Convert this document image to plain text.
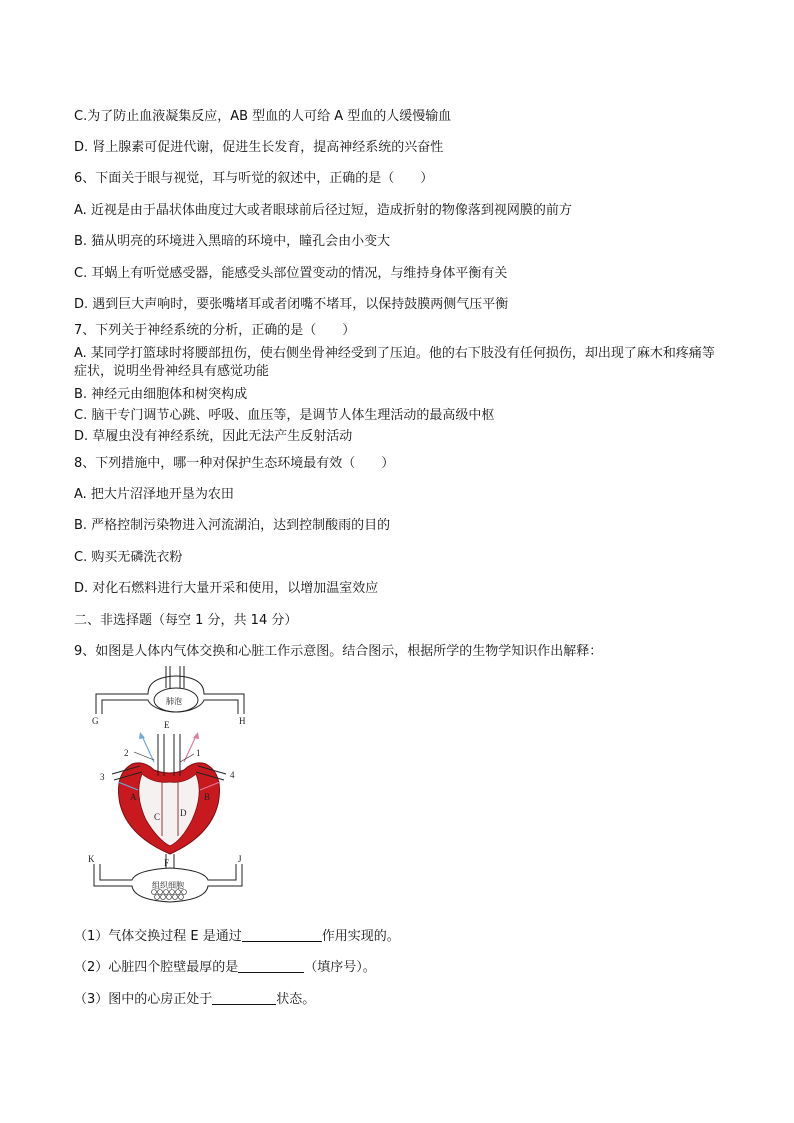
C.为了防止血液凝集反应，AB 型血的人可给 A 型血的人缓慢输血
D. 肾上腺素可促进代谢，促进生长发育，提高神经系统的兴奋性
6、下面关于眼与视觉，耳与听觉的叙述中，正确的是（　　）
A. 近视是由于晶状体曲度过大或者眼球前后径过短，造成折射的物像落到视网膜的前方
B. 猫从明亮的环境进入黑暗的环境中，瞳孔会由小变大
C. 耳蜗上有听觉感受器，能感受头部位置变动的情况，与维持身体平衡有关
D. 遇到巨大声响时，要张嘴堵耳或者闭嘴不堵耳，以保持鼓膜两侧气压平衡
7、下列关于神经系统的分析，正确的是（　　）
A. 某同学打篮球时将腰部扭伤，使右侧坐骨神经受到了压迫。他的右下肢没有任何损伤，却出现了麻木和疼痛等症状，说明坐骨神经具有感觉功能
B. 神经元由细胞体和树突构成
C. 脑干专门调节心跳、呼吸、血压等，是调节人体生理活动的最高级中枢
D. 草履虫没有神经系统，因此无法产生反射活动
8、下列措施中，哪一种对保护生态环境最有效（　　）
A. 把大片沼泽地开垦为农田
B. 严格控制污染物进入河流湖泊，达到控制酸雨的目的
C. 购买无磷洗衣粉
D. 对化石燃料进行大量开采和使用，以增加温室效应
二、非选择题（每空 1 分，共 14 分）
9、如图是人体内气体交换和心脏工作示意图。结合图示，根据所学的生物学知识作出解释：
肺泡
G	H
E
2	1
3	4
A	B
C D
K	J
F
组织细胞
（1）气体交换过程 E 是通过	作用实现的。
（2）心脏四个腔壁最厚的是	（填序号）。
（3）图中的心房正处于	状态。
